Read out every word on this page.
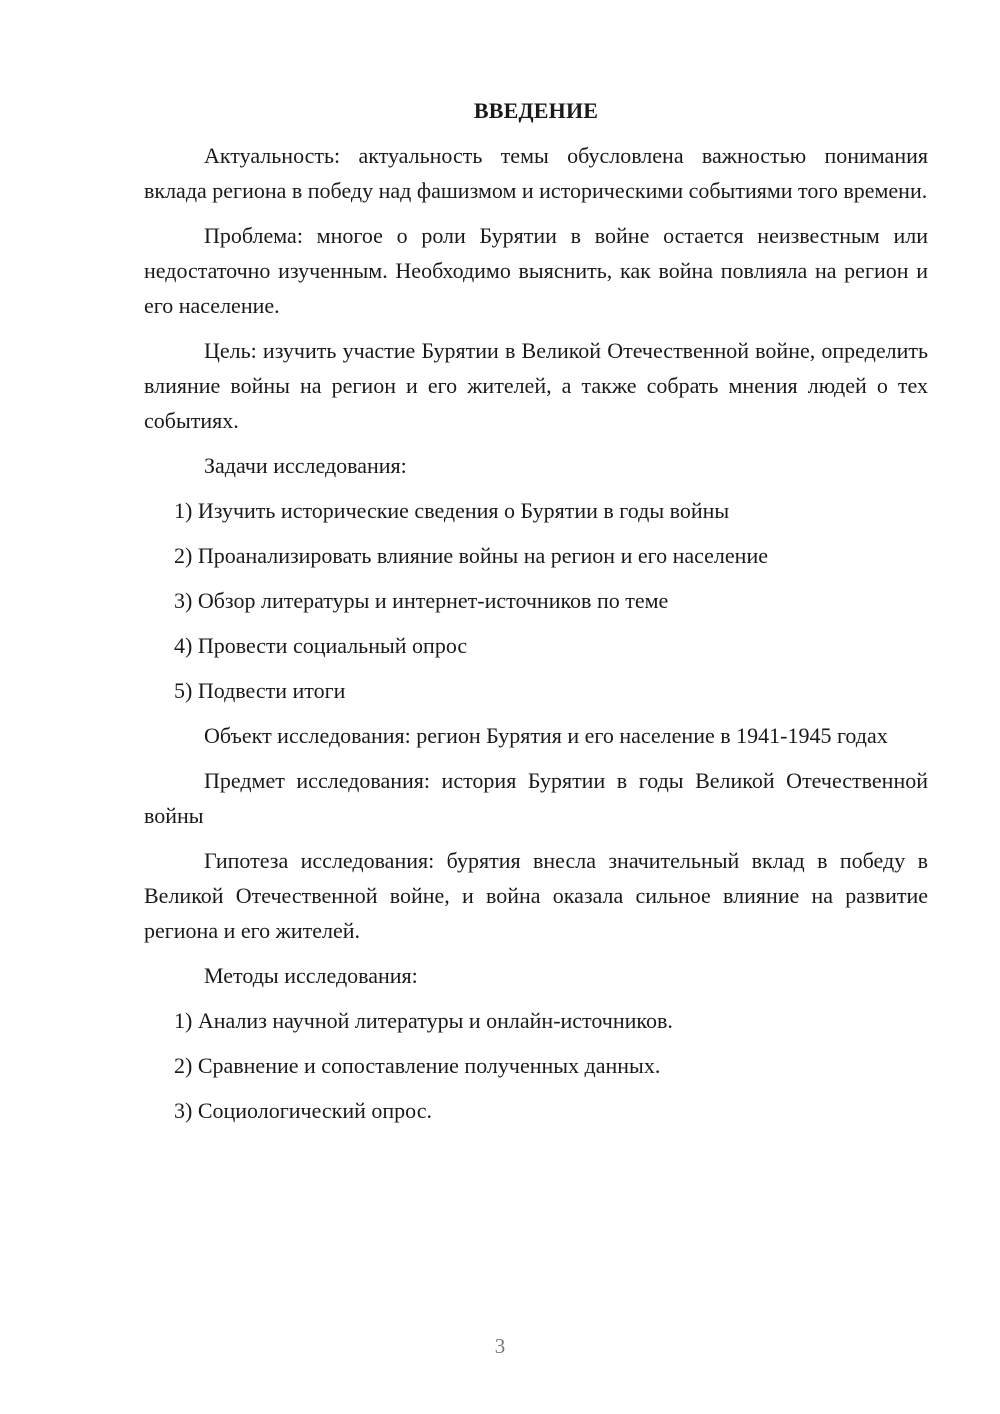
ВВЕДЕНИЕ

Актуальность: актуальность темы обусловлена важностью понимания вклада региона в победу над фашизмом и историческими событиями того времени.

Проблема: многое о роли Бурятии в войне остается неизвестным или недостаточно изученным. Необходимо выяснить, как война повлияла на регион и его население.

Цель: изучить участие Бурятии в Великой Отечественной войне, определить влияние войны на регион и его жителей, а также собрать мнения людей о тех событиях.

Задачи исследования:
1) Изучить исторические сведения о Бурятии в годы войны
2) Проанализировать влияние войны на регион и его население
3) Обзор литературы и интернет-источников по теме
4) Провести социальный опрос
5) Подвести итоги

Объект исследования: регион Бурятия и его население в 1941-1945 годах

Предмет исследования: история Бурятии в годы Великой Отечественной войны

Гипотеза исследования: бурятия внесла значительный вклад в победу в Великой Отечественной войне, и война оказала сильное влияние на развитие региона и его жителей.

Методы исследования:
1) Анализ научной литературы и онлайн-источников.
2) Сравнение и сопоставление полученных данных.
3) Социологический опрос.
3
